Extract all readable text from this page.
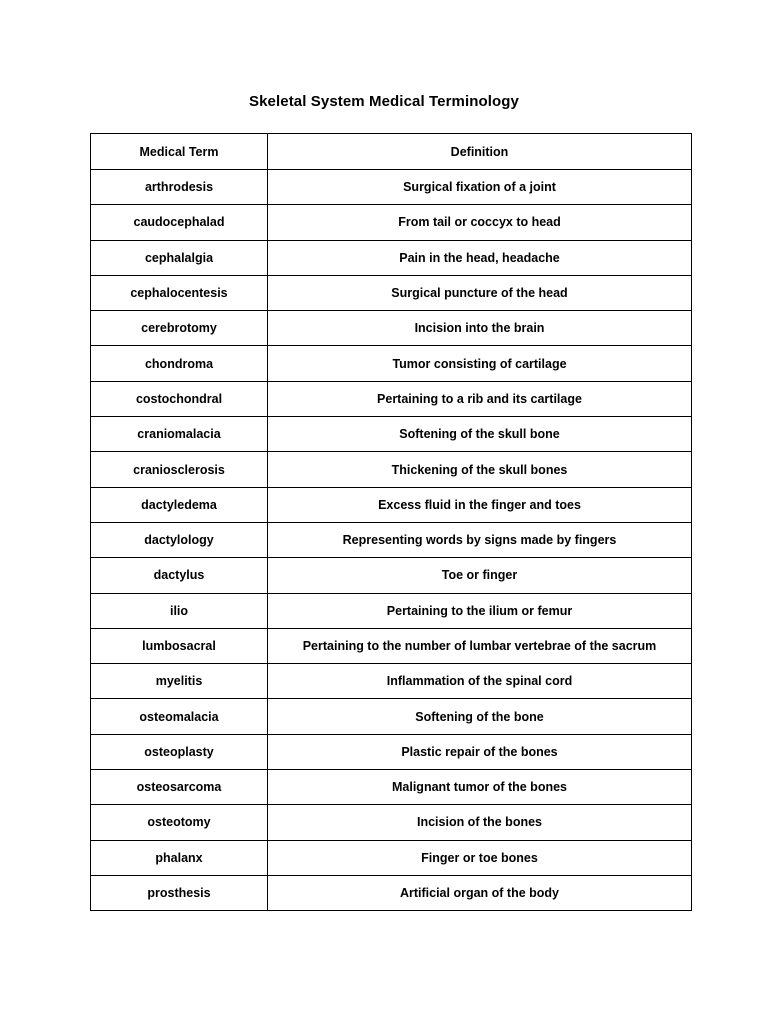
Skeletal System Medical Terminology
Medical Term	Definition
arthrodesis	Surgical fixation of a joint
caudocephalad	From tail or coccyx to head
cephalalgia	Pain in the head, headache
cephalocentesis	Surgical puncture of the head
cerebrotomy	Incision into the brain
chondroma	Tumor consisting of cartilage
costochondral	Pertaining to a rib and its cartilage
craniomalacia	Softening of the skull bone
craniosclerosis	Thickening of the skull bones
dactyledema	Excess fluid in the finger and toes
dactylology	Representing words by signs made by fingers
dactylus	Toe or finger
ilio	Pertaining to the ilium or femur
lumbosacral	Pertaining to the number of lumbar vertebrae of the sacrum
myelitis	Inflammation of the spinal cord
osteomalacia	Softening of the bone
osteoplasty	Plastic repair of the bones
osteosarcoma	Malignant tumor of the bones
osteotomy	Incision of the bones
phalanx	Finger or toe bones
prosthesis	Artificial organ of the body
